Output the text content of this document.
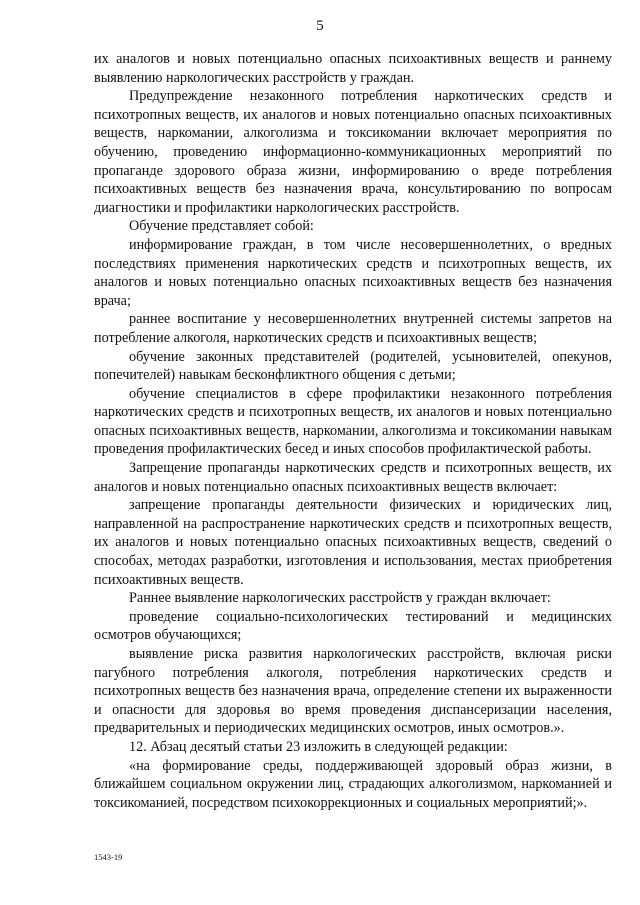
5

их аналогов и новых потенциально опасных психоактивных веществ и раннему выявлению наркологических расстройств у граждан.

Предупреждение незаконного потребления наркотических средств и психотропных веществ, их аналогов и новых потенциально опасных психоактивных веществ, наркомании, алкоголизма и токсикомании включает мероприятия по обучению, проведению информационно-коммуникационных мероприятий по пропаганде здорового образа жизни, информированию о вреде потребления психоактивных веществ без назначения врача, консультированию по вопросам диагностики и профилактики наркологических расстройств.

Обучение представляет собой:

информирование граждан, в том числе несовершеннолетних, о вредных последствиях применения наркотических средств и психотропных веществ, их аналогов и новых потенциально опасных психоактивных веществ без назначения врача;

раннее воспитание у несовершеннолетних внутренней системы запретов на потребление алкоголя, наркотических средств и психоактивных веществ;

обучение законных представителей (родителей, усыновителей, опекунов, попечителей) навыкам бесконфликтного общения с детьми;

обучение специалистов в сфере профилактики незаконного потребления наркотических средств и психотропных веществ, их аналогов и новых потенциально опасных психоактивных веществ, наркомании, алкоголизма и токсикомании навыкам проведения профилактических бесед и иных способов профилактической работы.

Запрещение пропаганды наркотических средств и психотропных веществ, их аналогов и новых потенциально опасных психоактивных веществ включает:

запрещение пропаганды деятельности физических и юридических лиц, направленной на распространение наркотических средств и психотропных веществ, их аналогов и новых потенциально опасных психоактивных веществ, сведений о способах, методах разработки, изготовления и использования, местах приобретения психоактивных веществ.

Раннее выявление наркологических расстройств у граждан включает:

проведение социально-психологических тестирований и медицинских осмотров обучающихся;

выявление риска развития наркологических расстройств, включая риски пагубного потребления алкоголя, потребления наркотических средств и психотропных веществ без назначения врача, определение степени их выраженности и опасности для здоровья во время проведения диспансеризации населения, предварительных и периодических медицинских осмотров, иных осмотров.».

12. Абзац десятый статьи 23 изложить в следующей редакции:

«на формирование среды, поддерживающей здоровый образ жизни, в ближайшем социальном окружении лиц, страдающих алкоголизмом, наркоманией и токсикоманией, посредством психокоррекционных и социальных мероприятий;».

1543-19
